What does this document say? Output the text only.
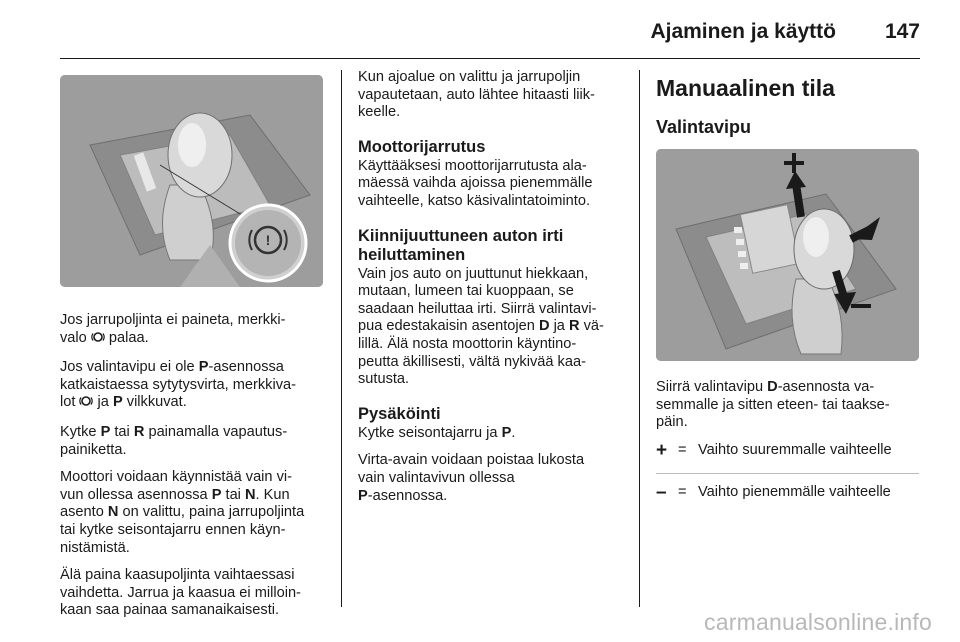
Ajaminen ja käyttö 147
!

Jos jarrupoljinta ei paineta, merkki-
valo palaa.

Jos valintavipu ei ole P-asennossa
katkaistaessa sytytysvirta, merkkiva-
lot ja P vilkkuvat.

Kytke P tai R painamalla vapautus-
painiketta.

Moottori voidaan käynnistää vain vi-
vun ollessa asennossa P tai N. Kun
asento N on valittu, paina jarrupoljinta
tai kytke seisontajarru ennen käyn-
nistämistä.

Älä paina kaasupoljinta vaihtaessasi
vaihdetta. Jarrua ja kaasua ei milloin-
kaan saa painaa samanaikaisesti.

Kun ajoalue on valittu ja jarrupoljin
vapautetaan, auto lähtee hitaasti liik-
keelle.

Moottorijarrutus

Käyttääksesi moottorijarrutusta ala-
mäessä vaihda ajoissa pienemmälle
vaihteelle, katso käsivalintatoiminto.

Kiinnijuuttuneen auton irti
heiluttaminen

Vain jos auto on juuttunut hiekkaan,
mutaan, lumeen tai kuoppaan, se
saadaan heiluttaa irti. Siirrä valintavi-
pua edestakaisin asentojen D ja R vä-
lillä. Älä nosta moottorin käyntino-
peutta äkillisesti, vältä nykivää kaa-
sutusta.

Pysäköinti

Kytke seisontajarru ja P.

Virta-avain voidaan poistaa lukosta
vain valintavivun ollessa
P-asennossa.

Manuaalinen tila
Valintavipu

Siirrä valintavipu D-asennosta va-
semmalle ja sitten eteen- tai taakse-
päin.

+ = Vaihto suuremmalle vaihteelle
– = Vaihto pienemmälle vaihteelle
carmanualsonline.info
